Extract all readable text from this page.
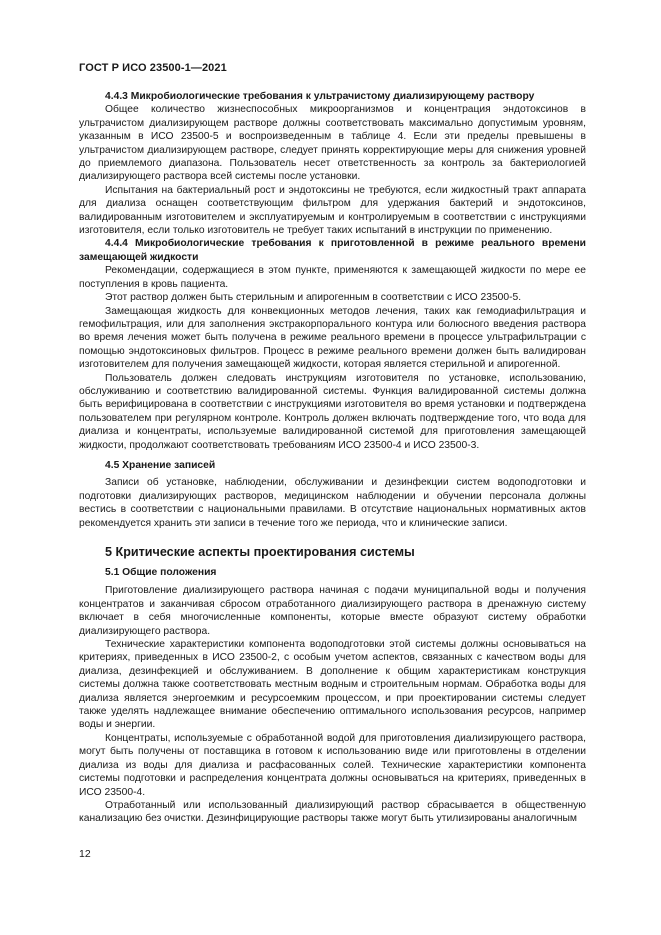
ГОСТ Р ИСО 23500-1—2021

4.4.3 Микробиологические требования к ультрачистому диализирующему раствору

Общее количество жизнеспособных микроорганизмов и концентрация эндотоксинов в ультрачистом диализирующем растворе должны соответствовать максимально допустимым уровням, указанным в ИСО 23500-5 и воспроизведенным в таблице 4. Если эти пределы превышены в ультрачистом диализирующем растворе, следует принять корректирующие меры для снижения уровней до приемлемого диапазона. Пользователь несет ответственность за контроль за бактериологией диализирующего раствора всей системы после установки.

Испытания на бактериальный рост и эндотоксины не требуются, если жидкостный тракт аппарата для диализа оснащен соответствующим фильтром для удержания бактерий и эндотоксинов, валидированным изготовителем и эксплуатируемым и контролируемым в соответствии с инструкциями изготовителя, если только изготовитель не требует таких испытаний в инструкции по применению.

4.4.4 Микробиологические требования к приготовленной в режиме реального времени замещающей жидкости

Рекомендации, содержащиеся в этом пункте, применяются к замещающей жидкости по мере ее поступления в кровь пациента.

Этот раствор должен быть стерильным и апирогенным в соответствии с ИСО 23500-5.

Замещающая жидкость для конвекционных методов лечения, таких как гемодиафильтрация и гемофильтрация, или для заполнения экстракорпорального контура или болюсного введения раствора во время лечения может быть получена в режиме реального времени в процессе ультрафильтрации с помощью эндотоксиновых фильтров. Процесс в режиме реального времени должен быть валидирован изготовителем для получения замещающей жидкости, которая является стерильной и апирогенной.

Пользователь должен следовать инструкциям изготовителя по установке, использованию, обслуживанию и соответствию валидированной системы. Функция валидированной системы должна быть верифицирована в соответствии с инструкциями изготовителя во время установки и подтверждена пользователем при регулярном контроле. Контроль должен включать подтверждение того, что вода для диализа и концентраты, используемые валидированной системой для приготовления замещающей жидкости, продолжают соответствовать требованиям ИСО 23500-4 и ИСО 23500-3.

4.5 Хранение записей

Записи об установке, наблюдении, обслуживании и дезинфекции систем водоподготовки и подготовки диализирующих растворов, медицинском наблюдении и обучении персонала должны вестись в соответствии с национальными правилами. В отсутствие национальных нормативных актов рекомендуется хранить эти записи в течение того же периода, что и клинические записи.

5 Критические аспекты проектирования системы
5.1 Общие положения

Приготовление диализирующего раствора начиная с подачи муниципальной воды и получения концентратов и заканчивая сбросом отработанного диализирующего раствора в дренажную систему включает в себя многочисленные компоненты, которые вместе образуют систему обработки диализирующего раствора.

Технические характеристики компонента водоподготовки этой системы должны основываться на критериях, приведенных в ИСО 23500-2, с особым учетом аспектов, связанных с качеством воды для диализа, дезинфекцией и обслуживанием. В дополнение к общим характеристикам конструкция системы должна также соответствовать местным водным и строительным нормам. Обработка воды для диализа является энергоемким и ресурсоемким процессом, и при проектировании системы следует также уделять надлежащее внимание обеспечению оптимального использования ресурсов, например воды и энергии.

Концентраты, используемые с обработанной водой для приготовления диализирующего раствора, могут быть получены от поставщика в готовом к использованию виде или приготовлены в отделении диализа из воды для диализа и расфасованных солей. Технические характеристики компонента системы подготовки и распределения концентрата должны основываться на критериях, приведенных в ИСО 23500-4.

Отработанный или использованный диализирующий раствор сбрасывается в общественную канализацию без очистки. Дезинфицирующие растворы также могут быть утилизированы аналогичным

12
